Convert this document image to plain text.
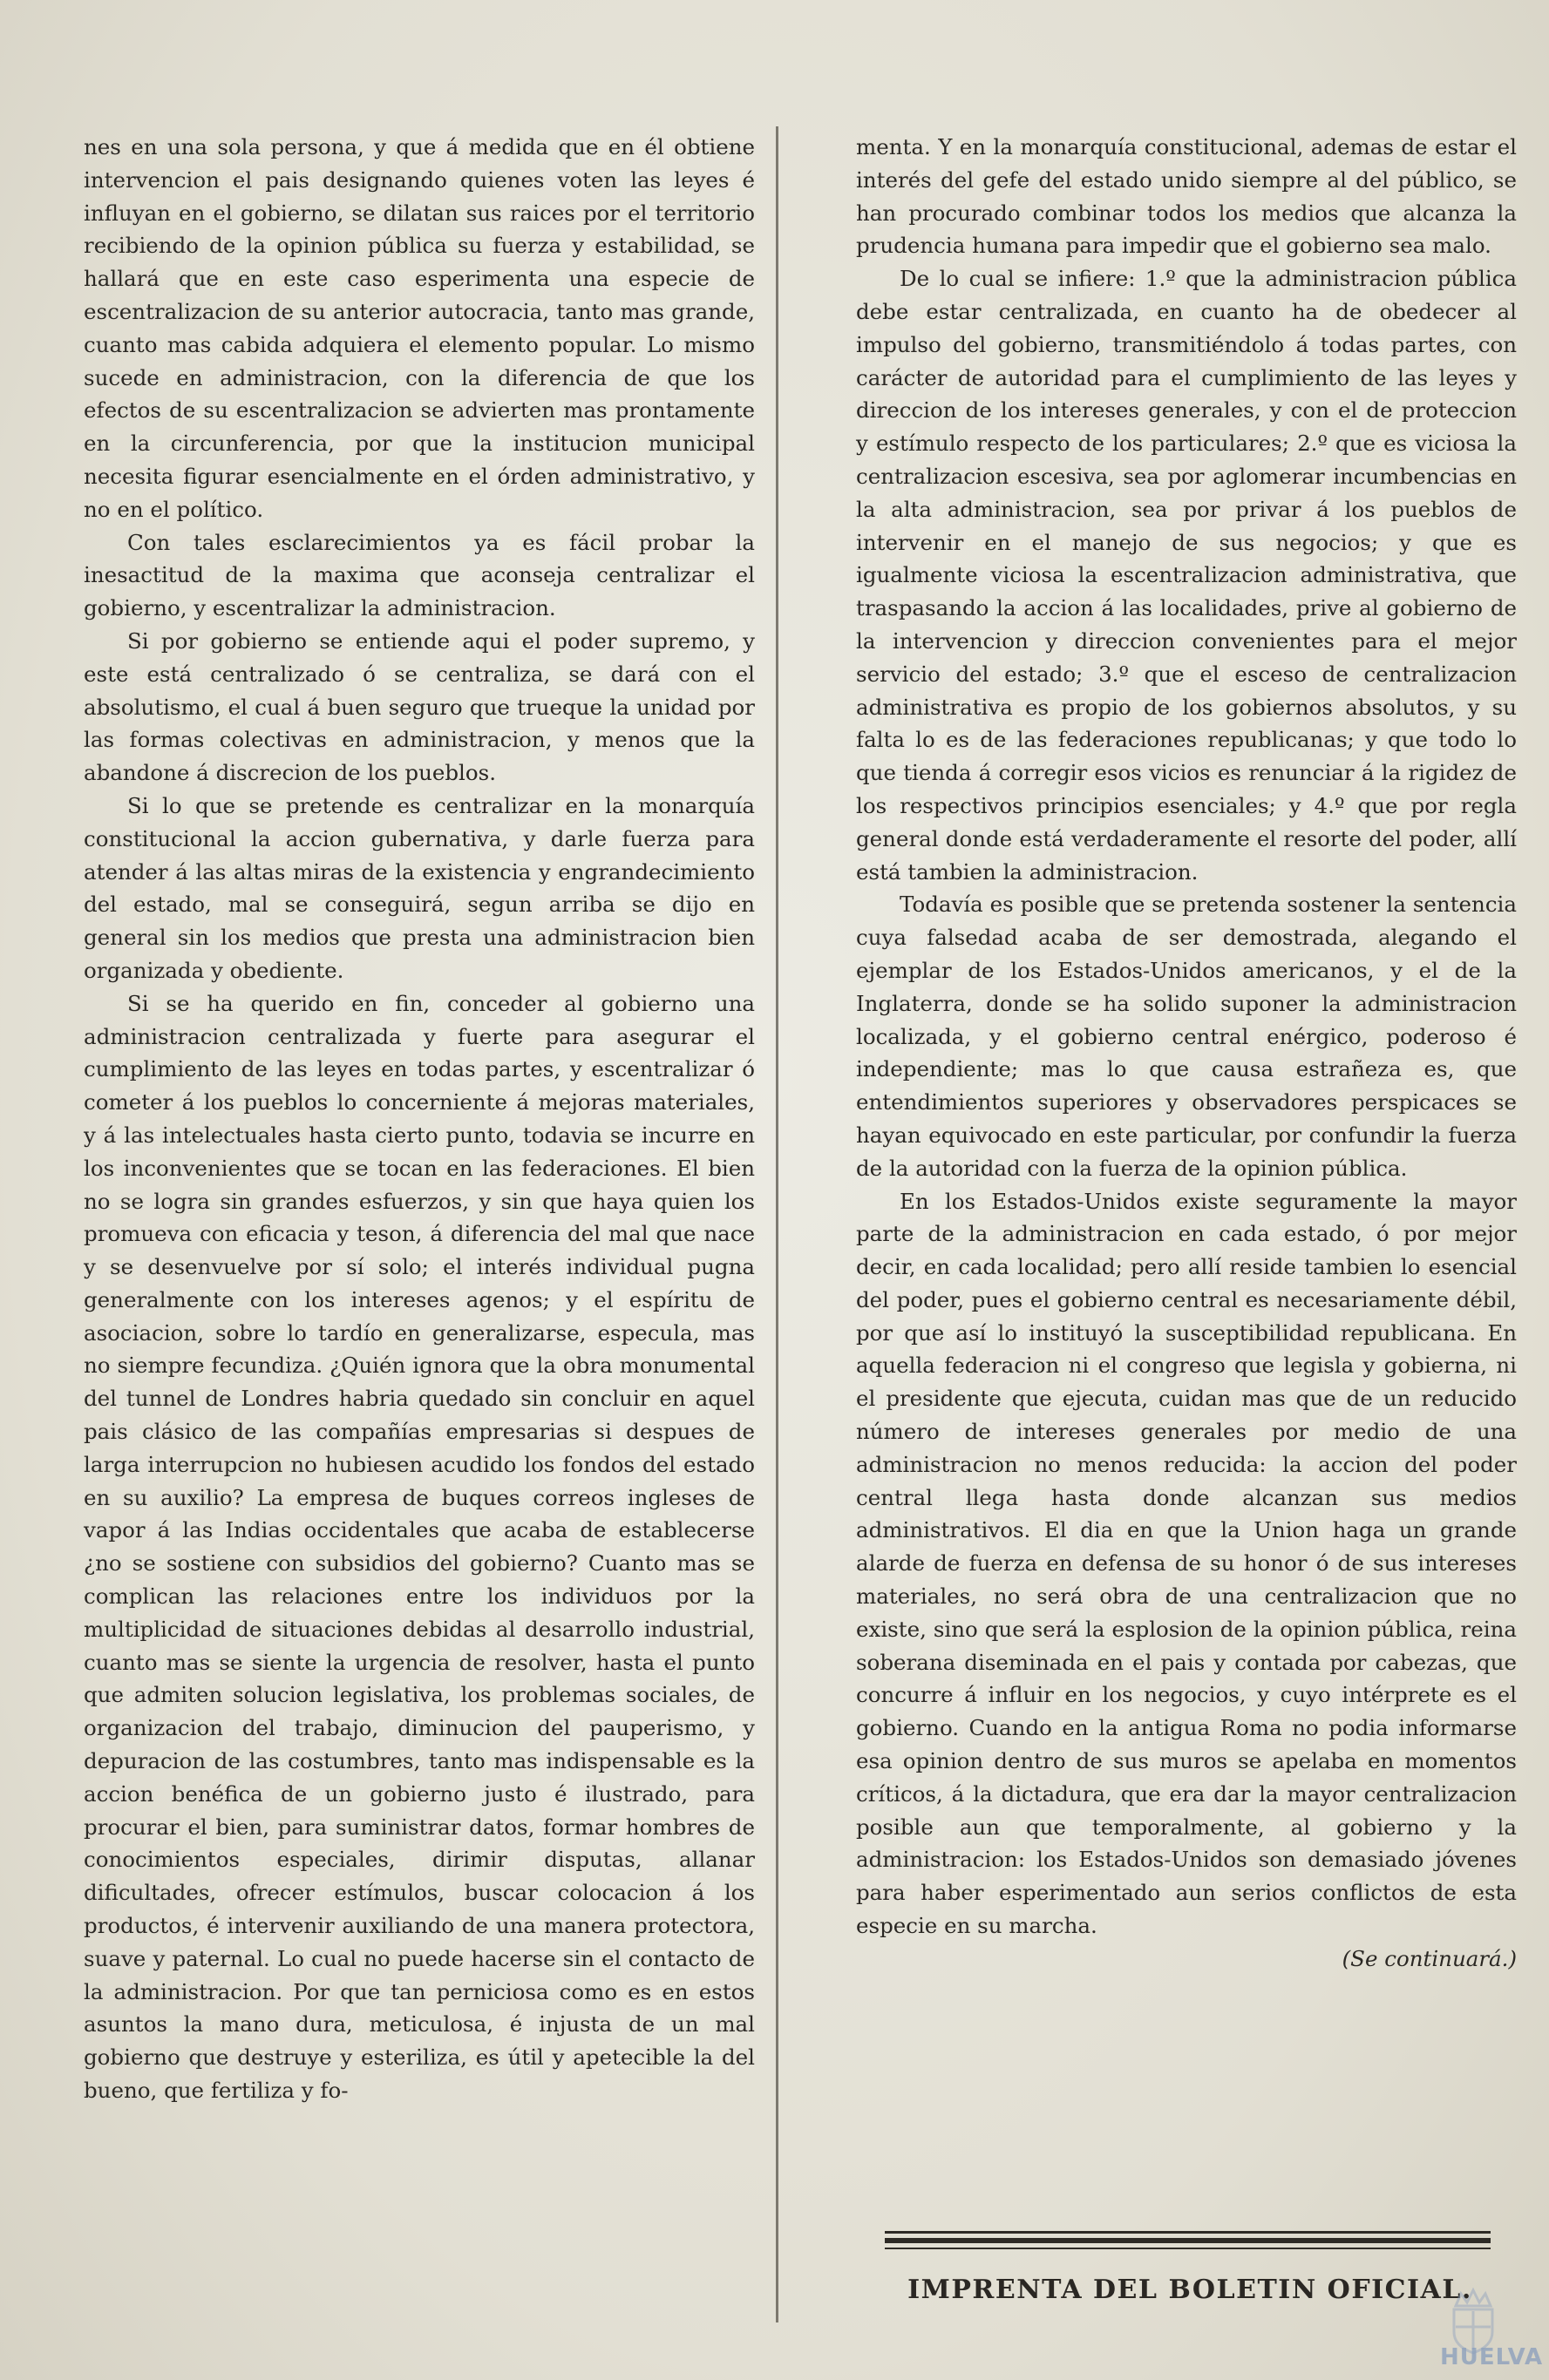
nes en una sola persona, y que á medida que en él obtiene intervencion el pais designando quienes voten las leyes é influyan en el gobierno, se dilatan sus raices por el territorio recibiendo de la opinion pública su fuerza y estabilidad, se hallará que en este caso esperimenta una especie de escentralizacion de su anterior autocracia, tanto mas grande, cuanto mas cabida adquiera el elemento popular. Lo mismo sucede en administracion, con la diferencia de que los efectos de su escentralizacion se advierten mas prontamente en la circunferencia, por que la institucion municipal necesita figurar esencialmente en el órden administrativo, y no en el político.

Con tales esclarecimientos ya es fácil probar la inesactitud de la maxima que aconseja centralizar el gobierno, y escentralizar la administracion.

Si por gobierno se entiende aqui el poder supremo, y este está centralizado ó se centraliza, se dará con el absolutismo, el cual á buen seguro que trueque la unidad por las formas colectivas en administracion, y menos que la abandone á discrecion de los pueblos.

Si lo que se pretende es centralizar en la monarquía constitucional la accion gubernativa, y darle fuerza para atender á las altas miras de la existencia y engrandecimiento del estado, mal se conseguirá, segun arriba se dijo en general sin los medios que presta una administracion bien organizada y obediente.

Si se ha querido en fin, conceder al gobierno una administracion centralizada y fuerte para asegurar el cumplimiento de las leyes en todas partes, y escentralizar ó cometer á los pueblos lo concerniente á mejoras materiales, y á las intelectuales hasta cierto punto, todavia se incurre en los inconvenientes que se tocan en las federaciones. El bien no se logra sin grandes esfuerzos, y sin que haya quien los promueva con eficacia y teson, á diferencia del mal que nace y se desenvuelve por sí solo; el interés individual pugna generalmente con los intereses agenos; y el espíritu de asociacion, sobre lo tardío en generalizarse, especula, mas no siempre fecundiza. ¿Quién ignora que la obra monumental del tunnel de Londres habria quedado sin concluir en aquel pais clásico de las compañías empresarias si despues de larga interrupcion no hubiesen acudido los fondos del estado en su auxilio? La empresa de buques correos ingleses de vapor á las Indias occidentales que acaba de establecerse ¿no se sostiene con subsidios del gobierno? Cuanto mas se complican las relaciones entre los individuos por la multiplicidad de situaciones debidas al desarrollo industrial, cuanto mas se siente la urgencia de resolver, hasta el punto que admiten solucion legislativa, los problemas sociales, de organizacion del trabajo, diminucion del pauperismo, y depuracion de las costumbres, tanto mas indispensable es la accion benéfica de un gobierno justo é ilustrado, para procurar el bien, para suministrar datos, formar hombres de conocimientos especiales, dirimir disputas, allanar dificultades, ofrecer estímulos, buscar colocacion á los productos, é intervenir auxiliando de una manera protectora, suave y paternal. Lo cual no puede hacerse sin el contacto de la administracion. Por que tan perniciosa como es en estos asuntos la mano dura, meticulosa, é injusta de un mal gobierno que destruye y esteriliza, es útil y apetecible la del bueno, que fertiliza y fo-

menta. Y en la monarquía constitucional, ademas de estar el interés del gefe del estado unido siempre al del público, se han procurado combinar todos los medios que alcanza la prudencia humana para impedir que el gobierno sea malo.

De lo cual se infiere: 1.º que la administracion pública debe estar centralizada, en cuanto ha de obedecer al impulso del gobierno, transmitiéndolo á todas partes, con carácter de autoridad para el cumplimiento de las leyes y direccion de los intereses generales, y con el de proteccion y estímulo respecto de los particulares; 2.º que es viciosa la centralizacion escesiva, sea por aglomerar incumbencias en la alta administracion, sea por privar á los pueblos de intervenir en el manejo de sus negocios; y que es igualmente viciosa la escentralizacion administrativa, que traspasando la accion á las localidades, prive al gobierno de la intervencion y direccion convenientes para el mejor servicio del estado; 3.º que el esceso de centralizacion administrativa es propio de los gobiernos absolutos, y su falta lo es de las federaciones republicanas; y que todo lo que tienda á corregir esos vicios es renunciar á la rigidez de los respectivos principios esenciales; y 4.º que por regla general donde está verdaderamente el resorte del poder, allí está tambien la administracion.

Todavía es posible que se pretenda sostener la sentencia cuya falsedad acaba de ser demostrada, alegando el ejemplar de los Estados-Unidos americanos, y el de la Inglaterra, donde se ha solido suponer la administracion localizada, y el gobierno central enérgico, poderoso é independiente; mas lo que causa estrañeza es, que entendimientos superiores y observadores perspicaces se hayan equivocado en este particular, por confundir la fuerza de la autoridad con la fuerza de la opinion pública.

En los Estados-Unidos existe seguramente la mayor parte de la administracion en cada estado, ó por mejor decir, en cada localidad; pero allí reside tambien lo esencial del poder, pues el gobierno central es necesariamente débil, por que así lo instituyó la susceptibilidad republicana. En aquella federacion ni el congreso que legisla y gobierna, ni el presidente que ejecuta, cuidan mas que de un reducido número de intereses generales por medio de una administracion no menos reducida: la accion del poder central llega hasta donde alcanzan sus medios administrativos. El dia en que la Union haga un grande alarde de fuerza en defensa de su honor ó de sus intereses materiales, no será obra de una centralizacion que no existe, sino que será la esplosion de la opinion pública, reina soberana diseminada en el pais y contada por cabezas, que concurre á influir en los negocios, y cuyo intérprete es el gobierno. Cuando en la antigua Roma no podia informarse esa opinion dentro de sus muros se apelaba en momentos críticos, á la dictadura, que era dar la mayor centralizacion posible aun que temporalmente, al gobierno y la administracion: los Estados-Unidos son demasiado jóvenes para haber esperimentado aun serios conflictos de esta especie en su marcha.

(Se continuará.)

IMPRENTA DEL BOLETIN OFICIAL.
HUELVA
